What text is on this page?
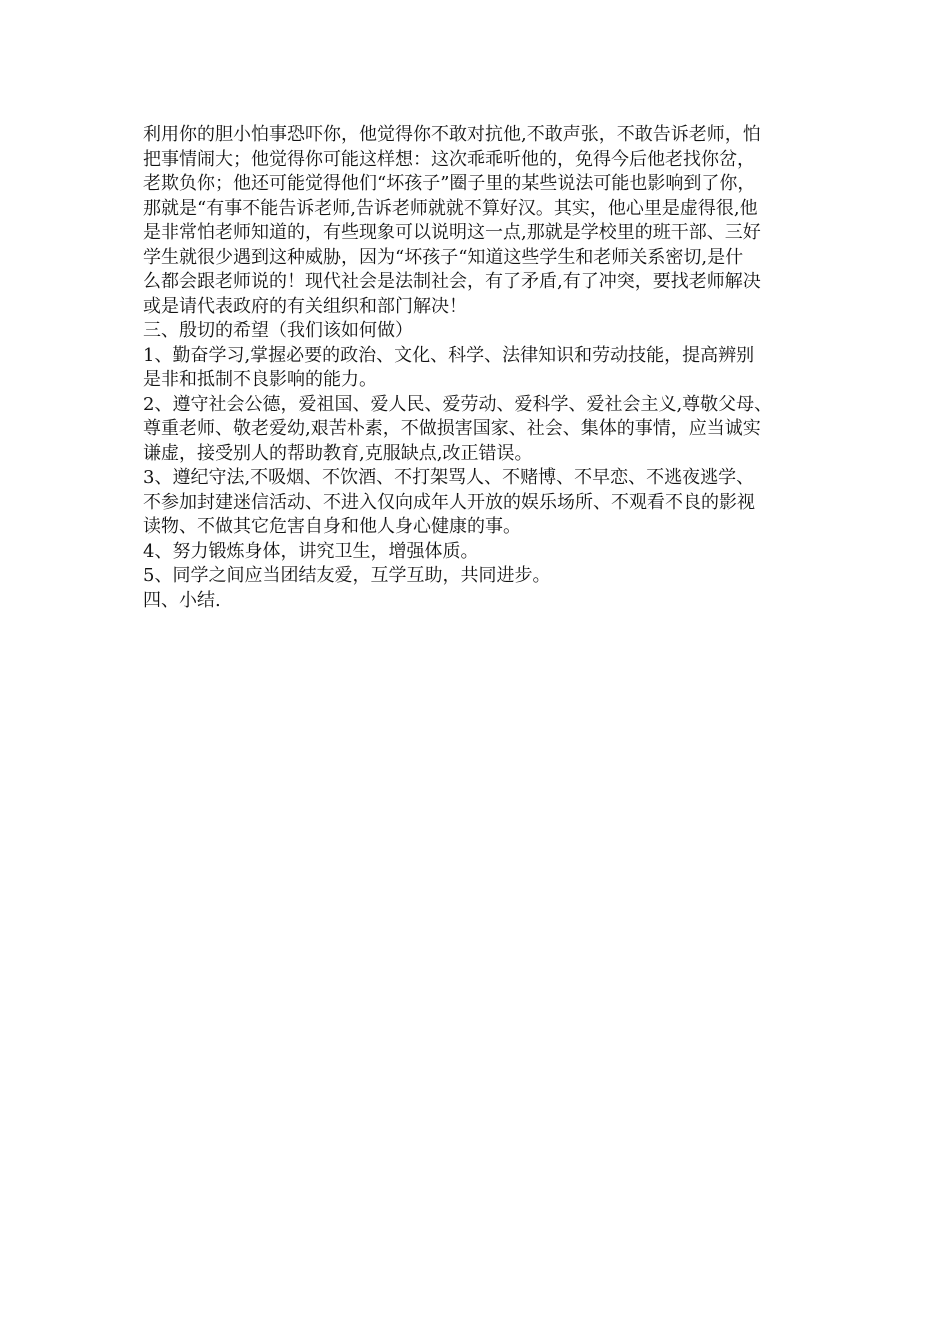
利用你的胆小怕事恐吓你，他觉得你不敢对抗他,不敢声张，不敢告诉老师，怕
把事情闹大；他觉得你可能这样想：这次乖乖听他的，免得今后他老找你岔，
老欺负你；他还可能觉得他们“坏孩子”圈子里的某些说法可能也影响到了你，
那就是“有事不能告诉老师,告诉老师就就不算好汉。其实，他心里是虚得很,他
是非常怕老师知道的，有些现象可以说明这一点,那就是学校里的班干部、三好
学生就很少遇到这种威胁，因为“坏孩子“知道这些学生和老师关系密切,是什
么都会跟老师说的！现代社会是法制社会，有了矛盾,有了冲突，要找老师解决
或是请代表政府的有关组织和部门解决！
三、殷切的希望（我们该如何做）
1、勤奋学习,掌握必要的政治、文化、科学、法律知识和劳动技能，提高辨别
是非和抵制不良影响的能力。
2、遵守社会公德，爱祖国、爱人民、爱劳动、爱科学、爱社会主义,尊敬父母、
尊重老师、敬老爱幼,艰苦朴素，不做损害国家、社会、集体的事情，应当诚实
谦虚，接受别人的帮助教育,克服缺点,改正错误。
3、遵纪守法,不吸烟、不饮酒、不打架骂人、不赌博、不早恋、不逃夜逃学、
不参加封建迷信活动、不进入仅向成年人开放的娱乐场所、不观看不良的影视
读物、不做其它危害自身和他人身心健康的事。
4、努力锻炼身体，讲究卫生，增强体质。
5、同学之间应当团结友爱，互学互助，共同进步。
四、小结.
